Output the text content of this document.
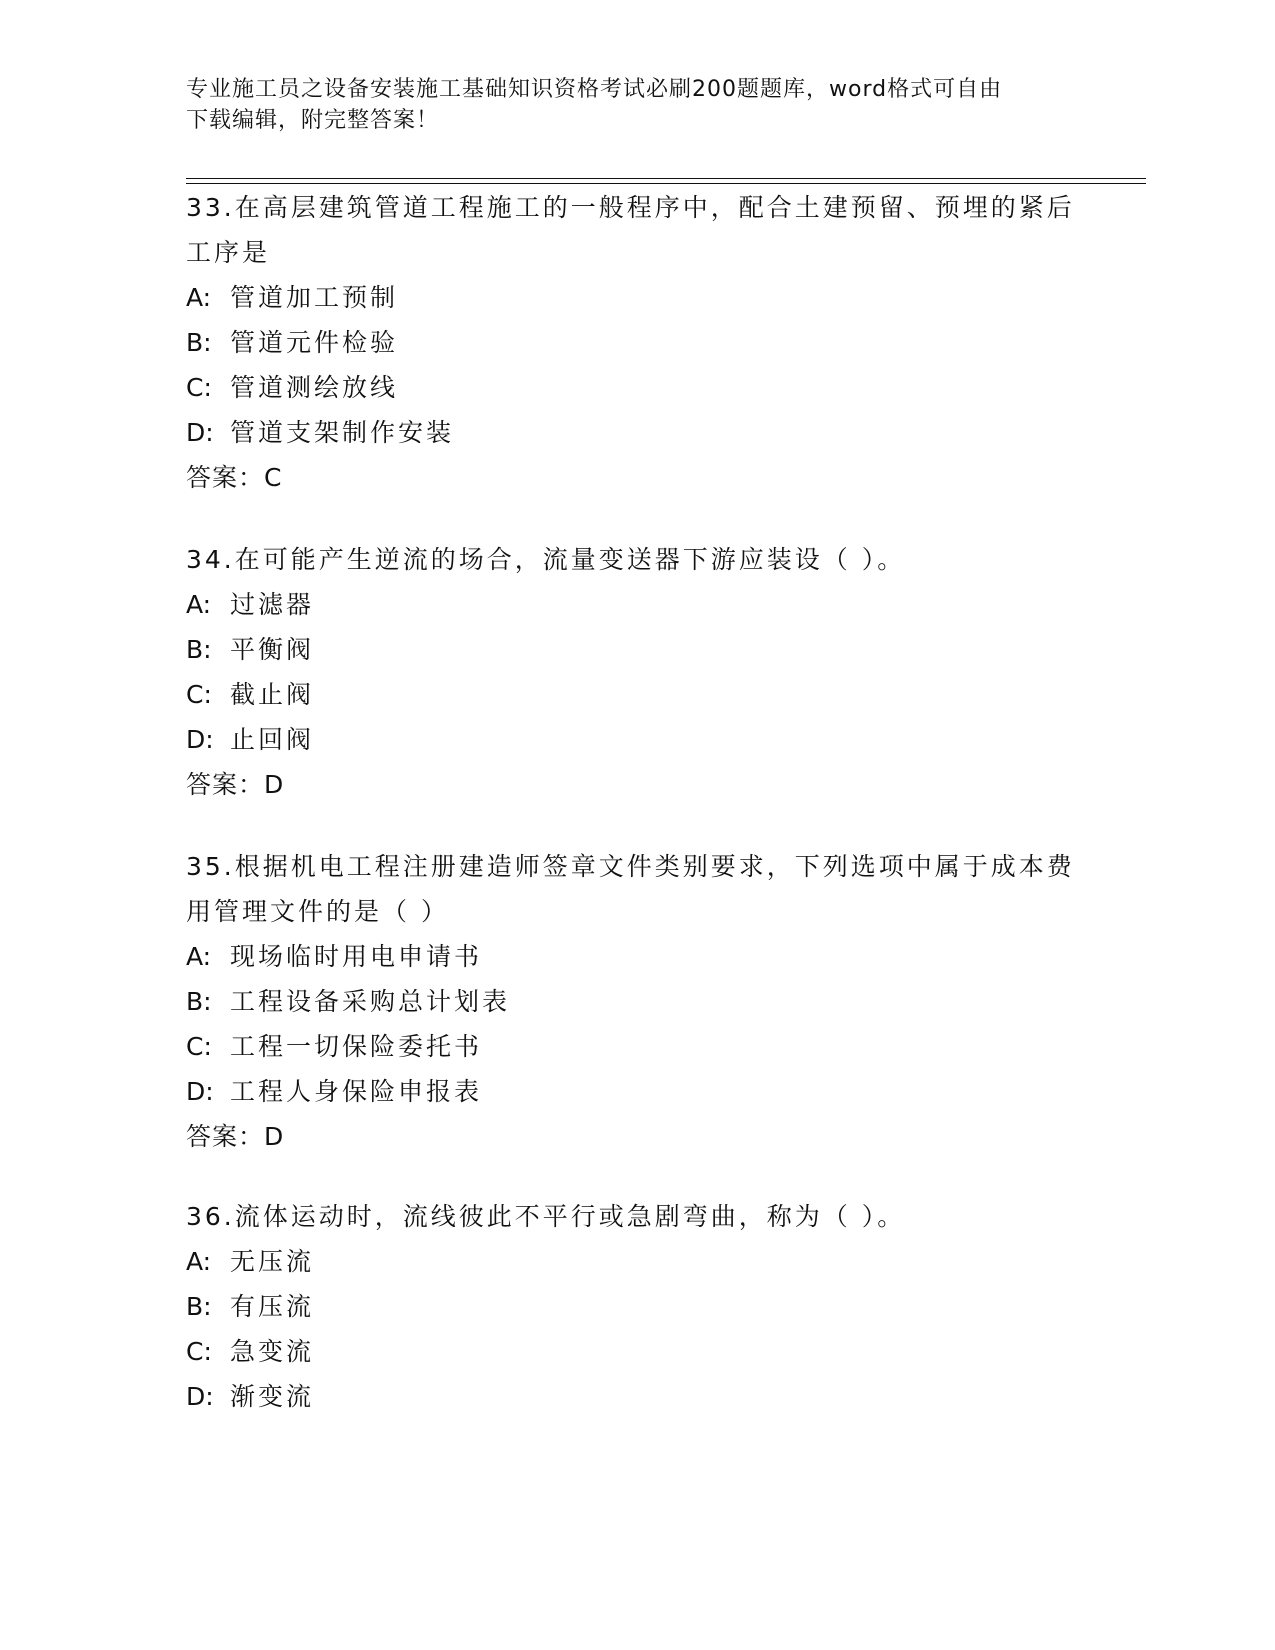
专业施工员之设备安装施工基础知识资格考试必刷200题题库，word格式可自由
下载编辑，附完整答案！

33.在高层建筑管道工程施工的一般程序中，配合土建预留、预埋的紧后工序是

A: 管道加工预制

B: 管道元件检验

C: 管道测绘放线

D: 管道支架制作安装

答案：C

34.在可能产生逆流的场合，流量变送器下游应装设（ ）。

A: 过滤器

B: 平衡阀

C: 截止阀

D: 止回阀

答案：D

35.根据机电工程注册建造师签章文件类别要求，下列选项中属于成本费用管理文件的是（ ）

A: 现场临时用电申请书

B: 工程设备采购总计划表

C: 工程一切保险委托书

D: 工程人身保险申报表

答案：D

36.流体运动时，流线彼此不平行或急剧弯曲，称为（ ）。

A: 无压流

B: 有压流

C: 急变流

D: 渐变流
